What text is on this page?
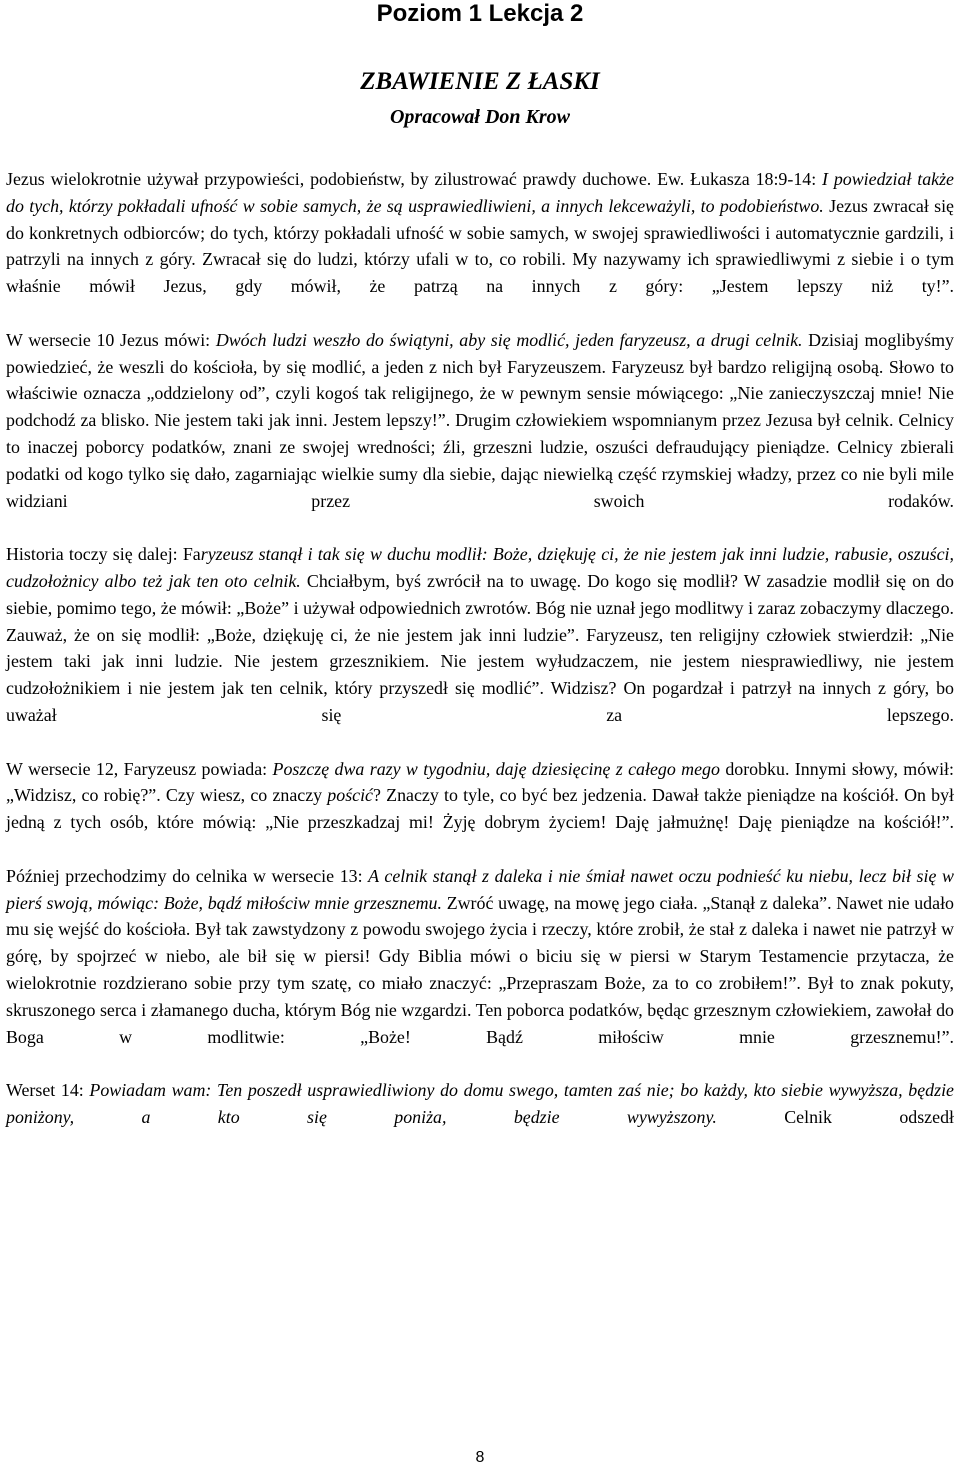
Poziom 1 Lekcja 2
ZBAWIENIE Z ŁASKI
Opracował Don Krow

Jezus wielokrotnie używał przypowieści, podobieństw, by zilustrować prawdy duchowe. Ew. Łukasza 18:9-14: I powiedział także do tych, którzy pokładali ufność w sobie samych, że są usprawiedliwieni, a innych lekceważyli, to podobieństwo. Jezus zwracał się do konkretnych odbiorców; do tych, którzy pokładali ufność w sobie samych, w swojej sprawiedliwości i automatycznie gardzili, i patrzyli na innych z góry. Zwracał się do ludzi, którzy ufali w to, co robili. My nazywamy ich sprawiedliwymi z siebie i o tym właśnie mówił Jezus, gdy mówił, że patrzą na innych z góry: „Jestem lepszy niż ty!”.

W wersecie 10 Jezus mówi: Dwóch ludzi weszło do świątyni, aby się modlić, jeden faryzeusz, a drugi celnik. Dzisiaj moglibyśmy powiedzieć, że weszli do kościoła, by się modlić, a jeden z nich był Faryzeuszem. Faryzeusz był bardzo religijną osobą. Słowo to właściwie oznacza „oddzielony od”, czyli kogoś tak religijnego, że w pewnym sensie mówiącego: „Nie zanieczyszczaj mnie! Nie podchodź za blisko. Nie jestem taki jak inni. Jestem lepszy!”. Drugim człowiekiem wspomnianym przez Jezusa był celnik. Celnicy to inaczej poborcy podatków, znani ze swojej wredności; źli, grzeszni ludzie, oszuści defraudujący pieniądze. Celnicy zbierali podatki od kogo tylko się dało, zagarniając wielkie sumy dla siebie, dając niewielką część rzymskiej władzy, przez co nie byli mile widziani przez swoich rodaków.

Historia toczy się dalej: Faryzeusz stanął i tak się w duchu modlił: Boże, dziękuję ci, że nie jestem jak inni ludzie, rabusie, oszuści, cudzołożnicy albo też jak ten oto celnik. Chciałbym, byś zwrócił na to uwagę. Do kogo się modlił? W zasadzie modlił się on do siebie, pomimo tego, że mówił: „Boże” i używał odpowiednich zwrotów. Bóg nie uznał jego modlitwy i zaraz zobaczymy dlaczego. Zauważ, że on się modlił: „Boże, dziękuję ci, że nie jestem jak inni ludzie”. Faryzeusz, ten religijny człowiek stwierdził: „Nie jestem taki jak inni ludzie. Nie jestem grzesznikiem. Nie jestem wyłudzaczem, nie jestem niesprawiedliwy, nie jestem cudzołożnikiem i nie jestem jak ten celnik, który przyszedł się modlić”. Widzisz? On pogardzał i patrzył na innych z góry, bo uważał się za lepszego.

W wersecie 12, Faryzeusz powiada: Poszczę dwa razy w tygodniu, daję dziesięcinę z całego mego dorobku. Innymi słowy, mówił: „Widzisz, co robię?”. Czy wiesz, co znaczy pościć? Znaczy to tyle, co być bez jedzenia. Dawał także pieniądze na kościół. On był jedną z tych osób, które mówią: „Nie przeszkadzaj mi! Żyję dobrym życiem! Daję jałmużnę! Daję pieniądze na kościół!”.

Później przechodzimy do celnika w wersecie 13: A celnik stanął z daleka i nie śmiał nawet oczu podnieść ku niebu, lecz bił się w pierś swoją, mówiąc: Boże, bądź miłościw mnie grzesznemu. Zwróć uwagę, na mowę jego ciała. „Stanął z daleka”. Nawet nie udało mu się wejść do kościoła. Był tak zawstydzony z powodu swojego życia i rzeczy, które zrobił, że stał z daleka i nawet nie patrzył w górę, by spojrzeć w niebo, ale bił się w piersi! Gdy Biblia mówi o biciu się w piersi w Starym Testamencie przytacza, że wielokrotnie rozdzierano sobie przy tym szatę, co miało znaczyć: „Przepraszam Boże, za to co zrobiłem!”. Był to znak pokuty, skruszonego serca i złamanego ducha, którym Bóg nie wzgardzi. Ten poborca podatków, będąc grzesznym człowiekiem, zawołał do Boga w modlitwie: „Boże! Bądź miłościw mnie grzesznemu!”.

Werset 14: Powiadam wam: Ten poszedł usprawiedliwiony do domu swego, tamten zaś nie; bo każdy, kto siebie wywyższa, będzie poniżony, a kto się poniża, będzie wywyższony. Celnik odszedł

8
